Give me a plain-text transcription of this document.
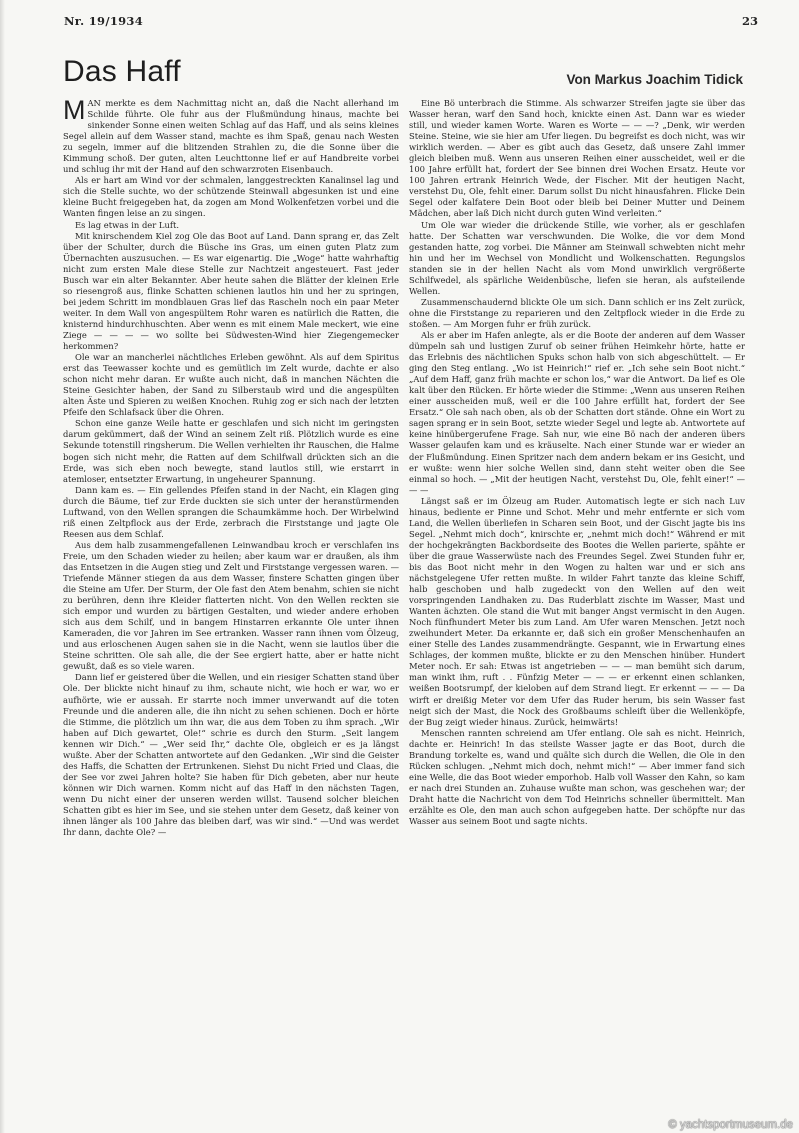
Nr. 19/1934	23
Das Haff	Von Markus Joachim Tidick

MAN merkte es dem Nachmittag nicht an, daß die Nacht allerhand im Schilde führte. Ole fuhr aus der Flußmündung hinaus, machte bei sinkender Sonne einen weiten Schlag auf das Haff, und als seins kleines Segel allein auf dem Wasser stand, machte es ihm Spaß, genau nach Westen zu segeln, immer auf die blitzenden Strahlen zu, die die Sonne über die Kimmung schoß. Der guten, alten Leuchttonne lief er auf Handbreite vorbei und schlug ihr mit der Hand auf den schwarzroten Eisenbauch.

Als er hart am Wind vor der schmalen, langgestreckten Kanalinsel lag und sich die Stelle suchte, wo der schützende Steinwall abgesunken ist und eine kleine Bucht freigegeben hat, da zogen am Mond Wolkenfetzen vorbei und die Wanten fingen leise an zu singen.

Es lag etwas in der Luft.

Mit knirschendem Kiel zog Ole das Boot auf Land. Dann sprang er, das Zelt über der Schulter, durch die Büsche ins Gras, um einen guten Platz zum Übernachten auszusuchen. — Es war eigenartig. Die „Woge“ hatte wahrhaftig nicht zum ersten Male diese Stelle zur Nachtzeit angesteuert. Fast jeder Busch war ein alter Bekannter. Aber heute sahen die Blätter der kleinen Erle so riesengroß aus, flinke Schatten schienen lautlos hin und her zu springen, bei jedem Schritt im mondblauen Gras lief das Rascheln noch ein paar Meter weiter. In dem Wall von angespültem Rohr waren es natürlich die Ratten, die knisternd hindurchhuschten. Aber wenn es mit einem Male meckert, wie eine Ziege — — — — wo sollte bei Südwesten-Wind hier Ziegengemecker herkommen?

Ole war an mancherlei nächtliches Erleben gewöhnt. Als auf dem Spiritus erst das Teewasser kochte und es gemütlich im Zelt wurde, dachte er also schon nicht mehr daran. Er wußte auch nicht, daß in manchen Nächten die Steine Gesichter haben, der Sand zu Silberstaub wird und die angespülten alten Äste und Spieren zu weißen Knochen. Ruhig zog er sich nach der letzten Pfeife den Schlafsack über die Ohren.

Schon eine ganze Weile hatte er geschlafen und sich nicht im geringsten darum gekümmert, daß der Wind an seinem Zelt riß. Plötzlich wurde es eine Sekunde totenstill ringsherum. Die Wellen verhielten ihr Rauschen, die Halme bogen sich nicht mehr, die Ratten auf dem Schilfwall drückten sich an die Erde, was sich eben noch bewegte, stand lautlos still, wie erstarrt in atemloser, entsetzter Erwartung, in ungeheurer Spannung.

Dann kam es. — Ein gellendes Pfeifen stand in der Nacht, ein Klagen ging durch die Bäume, tief zur Erde duckten sie sich unter der heranstürmenden Luftwand, von den Wellen sprangen die Schaumkämme hoch. Der Wirbelwind riß einen Zeltpflock aus der Erde, zerbrach die Firststange und jagte Ole Reesen aus dem Schlaf.

Aus dem halb zusammengefallenen Leinwandbau kroch er verschlafen ins Freie, um den Schaden wieder zu heilen; aber kaum war er draußen, als ihm das Entsetzen in die Augen stieg und Zelt und Firststange vergessen waren. — Triefende Männer stiegen da aus dem Wasser, finstere Schatten gingen über die Steine am Ufer. Der Sturm, der Ole fast den Atem benahm, schien sie nicht zu berühren, denn ihre Kleider flatterten nicht. Von den Wellen reckten sie sich empor und wurden zu bärtigen Gestalten, und wieder andere erhoben sich aus dem Schilf, und in bangem Hinstarren erkannte Ole unter ihnen Kameraden, die vor Jahren im See ertranken. Wasser rann ihnen vom Ölzeug, und aus erloschenen Augen sahen sie in die Nacht, wenn sie lautlos über die Steine schritten. Ole sah alle, die der See ergiert hatte, aber er hatte nicht gewußt, daß es so viele waren.

Dann lief er geistered über die Wellen, und ein riesiger Schatten stand über Ole. Der blickte nicht hinauf zu ihm, schaute nicht, wie hoch er war, wo er aufhörte, wie er aussah. Er starrte noch immer unverwandt auf die toten Freunde und die anderen alle, die ihn nicht zu sehen schienen. Doch er hörte die Stimme, die plötzlich um ihn war, die aus dem Toben zu ihm sprach. „Wir haben auf Dich gewartet, Ole!“ schrie es durch den Sturm. „Seit langem kennen wir Dich.“ — „Wer seid Ihr,“ dachte Ole, obgleich er es ja längst wußte. Aber der Schatten antwortete auf den Gedanken. „Wir sind die Geister des Haffs, die Schatten der Ertrunkenen. Siehst Du nicht Fried und Claas, die der See vor zwei Jahren holte? Sie haben für Dich gebeten, aber nur heute können wir Dich warnen. Komm nicht auf das Haff in den nächsten Tagen, wenn Du nicht einer der unseren werden willst. Tausend solcher bleichen Schatten gibt es hier im See, und sie stehen unter dem Gesetz, daß keiner von ihnen länger als 100 Jahre das bleiben darf, was wir sind.“ —Und was werdet Ihr dann, dachte Ole? —

Eine Bö unterbrach die Stimme. Als schwarzer Streifen jagte sie über das Wasser heran, warf den Sand hoch, knickte einen Ast. Dann war es wieder still, und wieder kamen Worte. Waren es Worte — — —? „Denk, wir werden Steine. Steine, wie sie hier am Ufer liegen. Du begreifst es doch nicht, was wir wirklich werden. — Aber es gibt auch das Gesetz, daß unsere Zahl immer gleich bleiben muß. Wenn aus unseren Reihen einer ausscheidet, weil er die 100 Jahre erfüllt hat, fordert der See binnen drei Wochen Ersatz. Heute vor 100 Jahren ertrank Heinrich Wede, der Fischer. Mit der heutigen Nacht, verstehst Du, Ole, fehlt einer. Darum sollst Du nicht hinausfahren. Flicke Dein Segel oder kalfatere Dein Boot oder bleib bei Deiner Mutter und Deinem Mädchen, aber laß Dich nicht durch guten Wind verleiten.“

Um Ole war wieder die drückende Stille, wie vorher, als er geschlafen hatte. Der Schatten war verschwunden. Die Wolke, die vor dem Mond gestanden hatte, zog vorbei. Die Männer am Steinwall schwebten nicht mehr hin und her im Wechsel von Mondlicht und Wolkenschatten. Regungslos standen sie in der hellen Nacht als vom Mond unwirklich vergrößerte Schilfwedel, als spärliche Weidenbüsche, liefen sie heran, als aufsteilende Wellen.

Zusammenschaudernd blickte Ole um sich. Dann schlich er ins Zelt zurück, ohne die Firststange zu reparieren und den Zeltpflock wieder in die Erde zu stoßen. — Am Morgen fuhr er früh zurück.

Als er aber im Hafen anlegte, als er die Boote der anderen auf dem Wasser dümpeln sah und lustigen Zuruf ob seiner frühen Heimkehr hörte, hatte er das Erlebnis des nächtlichen Spuks schon halb von sich abgeschüttelt. — Er ging den Steg entlang. „Wo ist Heinrich!“ rief er. „Ich sehe sein Boot nicht.“ „Auf dem Haff, ganz früh machte er schon los,“ war die Antwort. Da lief es Ole kalt über den Rücken. Er hörte wieder die Stimme: „Wenn aus unseren Reihen einer ausscheiden muß, weil er die 100 Jahre erfüllt hat, fordert der See Ersatz.“ Ole sah nach oben, als ob der Schatten dort stände. Ohne ein Wort zu sagen sprang er in sein Boot, setzte wieder Segel und legte ab. Antwortete auf keine hinübergerufene Frage. Sah nur, wie eine Bö nach der anderen übers Wasser gelaufen kam und es kräuselte. Nach einer Stunde war er wieder an der Flußmündung. Einen Spritzer nach dem andern bekam er ins Gesicht, und er wußte: wenn hier solche Wellen sind, dann steht weiter oben die See einmal so hoch. — „Mit der heutigen Nacht, verstehst Du, Ole, fehlt einer!“ — — —

Längst saß er im Ölzeug am Ruder. Automatisch legte er sich nach Luv hinaus, bediente er Pinne und Schot. Mehr und mehr entfernte er sich vom Land, die Wellen überliefen in Scharen sein Boot, und der Gischt jagte bis ins Segel. „Nehmt mich doch“, knirschte er, „nehmt mich doch!“ Während er mit der hochgekrängten Backbordseite des Bootes die Wellen parierte, spähte er über die graue Wasserwüste nach des Freundes Segel. Zwei Stunden fuhr er, bis das Boot nicht mehr in den Wogen zu halten war und er sich ans nächstgelegene Ufer retten mußte. In wilder Fahrt tanzte das kleine Schiff, halb geschoben und halb zugedeckt von den Wellen auf den weit vorspringenden Landhaken zu. Das Ruderblatt zischte im Wasser, Mast und Wanten ächzten. Ole stand die Wut mit banger Angst vermischt in den Augen. Noch fünfhundert Meter bis zum Land. Am Ufer waren Menschen. Jetzt noch zweihundert Meter. Da erkannte er, daß sich ein großer Menschenhaufen an einer Stelle des Landes zusammendrängte. Gespannt, wie in Erwartung eines Schlages, der kommen mußte, blickte er zu den Menschen hinüber. Hundert Meter noch. Er sah: Etwas ist angetrieben — — — man bemüht sich darum, man winkt ihm, ruft . . Fünfzig Meter — — — er erkennt einen schlanken, weißen Bootsrumpf, der kieloben auf dem Strand liegt. Er erkennt — — — Da wirft er dreißig Meter vor dem Ufer das Ruder herum, bis sein Wasser fast neigt sich der Mast, die Nock des Großbaums schleift über die Wellenköpfe, der Bug zeigt wieder hinaus. Zurück, heimwärts!

Menschen rannten schreiend am Ufer entlang. Ole sah es nicht. Heinrich, dachte er. Heinrich! In das steilste Wasser jagte er das Boot, durch die Brandung torkelte es, wand und quälte sich durch die Wellen, die Ole in den Rücken schlugen. „Nehmt mich doch, nehmt mich!“ — Aber immer fand sich eine Welle, die das Boot wieder emporhob. Halb voll Wasser den Kahn, so kam er nach drei Stunden an. Zuhause wußte man schon, was geschehen war; der Draht hatte die Nachricht von dem Tod Heinrichs schneller übermittelt. Man erzählte es Ole, den man auch schon aufgegeben hatte. Der schöpfte nur das Wasser aus seinem Boot und sagte nichts.

© yachtsportmuseum.de
